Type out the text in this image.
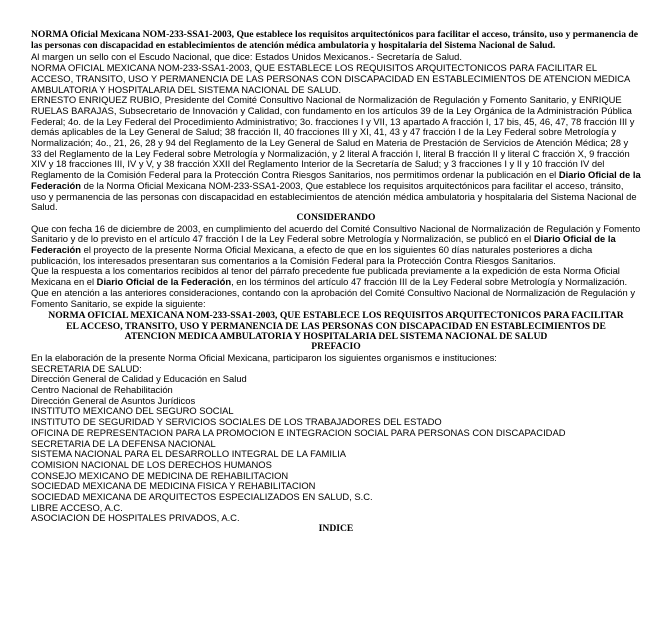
NORMA Oficial Mexicana NOM-233-SSA1-2003, Que establece los requisitos arquitectónicos para facilitar el acceso, tránsito, uso y permanencia de las personas con discapacidad en establecimientos de atención médica ambulatoria y hospitalaria del Sistema Nacional de Salud.

Al margen un sello con el Escudo Nacional, que dice: Estados Unidos Mexicanos.- Secretaría de Salud.

NORMA OFICIAL MEXICANA NOM-233-SSA1-2003, QUE ESTABLECE LOS REQUISITOS ARQUITECTONICOS PARA FACILITAR EL ACCESO, TRANSITO, USO Y PERMANENCIA DE LAS PERSONAS CON DISCAPACIDAD EN ESTABLECIMIENTOS DE ATENCION MEDICA AMBULATORIA Y HOSPITALARIA DEL SISTEMA NACIONAL DE SALUD.

ERNESTO ENRIQUEZ RUBIO, Presidente del Comité Consultivo Nacional de Normalización de Regulación y Fomento Sanitario, y ENRIQUE RUELAS BARAJAS, Subsecretario de Innovación y Calidad, con fundamento en los artículos 39 de la Ley Orgánica de la Administración Pública Federal; 4o. de la Ley Federal del Procedimiento Administrativo; 3o. fracciones I y VII, 13 apartado A fracción I, 17 bis, 45, 46, 47, 78 fracción III y demás aplicables de la Ley General de Salud; 38 fracción II, 40 fracciones III y XI, 41, 43 y 47 fracción I de la Ley Federal sobre Metrología y Normalización; 4o., 21, 26, 28 y 94 del Reglamento de la Ley General de Salud en Materia de Prestación de Servicios de Atención Médica; 28 y 33 del Reglamento de la Ley Federal sobre Metrología y Normalización, y 2 literal A fracción I, literal B fracción II y literal C fracción X, 9 fracción XIV y 18 fracciones III, IV y V, y 38 fracción XXII del Reglamento Interior de la Secretaría de Salud; y 3 fracciones I y II y 10 fracción IV del Reglamento de la Comisión Federal para la Protección Contra Riesgos Sanitarios, nos permitimos ordenar la publicación en el Diario Oficial de la Federación de la Norma Oficial Mexicana NOM-233-SSA1-2003, Que establece los requisitos arquitectónicos para facilitar el acceso, tránsito, uso y permanencia de las personas con discapacidad en establecimientos de atención médica ambulatoria y hospitalaria del Sistema Nacional de Salud.

CONSIDERANDO

Que con fecha 16 de diciembre de 2003, en cumplimiento del acuerdo del Comité Consultivo Nacional de Normalización de Regulación y Fomento Sanitario y de lo previsto en el artículo 47 fracción I de la Ley Federal sobre Metrología y Normalización, se publicó en el Diario Oficial de la Federación el proyecto de la presente Norma Oficial Mexicana, a efecto de que en los siguientes 60 días naturales posteriores a dicha publicación, los interesados presentaran sus comentarios a la Comisión Federal para la Protección Contra Riesgos Sanitarios.

Que la respuesta a los comentarios recibidos al tenor del párrafo precedente fue publicada previamente a la expedición de esta Norma Oficial Mexicana en el Diario Oficial de la Federación, en los términos del artículo 47 fracción III de la Ley Federal sobre Metrología y Normalización.

Que en atención a las anteriores consideraciones, contando con la aprobación del Comité Consultivo Nacional de Normalización de Regulación y Fomento Sanitario, se expide la siguiente:

NORMA OFICIAL MEXICANA NOM-233-SSA1-2003, QUE ESTABLECE LOS REQUISITOS ARQUITECTONICOS PARA FACILITAR EL ACCESO, TRANSITO, USO Y PERMANENCIA DE LAS PERSONAS CON DISCAPACIDAD EN ESTABLECIMIENTOS DE ATENCION MEDICA AMBULATORIA Y HOSPITALARIA DEL SISTEMA NACIONAL DE SALUD

PREFACIO

En la elaboración de la presente Norma Oficial Mexicana, participaron los siguientes organismos e instituciones:

SECRETARIA DE SALUD:
Dirección General de Calidad y Educación en Salud
Centro Nacional de Rehabilitación
Dirección General de Asuntos Jurídicos
INSTITUTO MEXICANO DEL SEGURO SOCIAL
INSTITUTO DE SEGURIDAD Y SERVICIOS SOCIALES DE LOS TRABAJADORES DEL ESTADO
OFICINA DE REPRESENTACION PARA LA PROMOCION E INTEGRACION SOCIAL PARA PERSONAS CON DISCAPACIDAD
SECRETARIA DE LA DEFENSA NACIONAL
SISTEMA NACIONAL PARA EL DESARROLLO INTEGRAL DE LA FAMILIA
COMISION NACIONAL DE LOS DERECHOS HUMANOS
CONSEJO MEXICANO DE MEDICINA DE REHABILITACION
SOCIEDAD MEXICANA DE MEDICINA FISICA Y REHABILITACION
SOCIEDAD MEXICANA DE ARQUITECTOS ESPECIALIZADOS EN SALUD, S.C.
LIBRE ACCESO, A.C.
ASOCIACION DE HOSPITALES PRIVADOS, A.C.

INDICE
